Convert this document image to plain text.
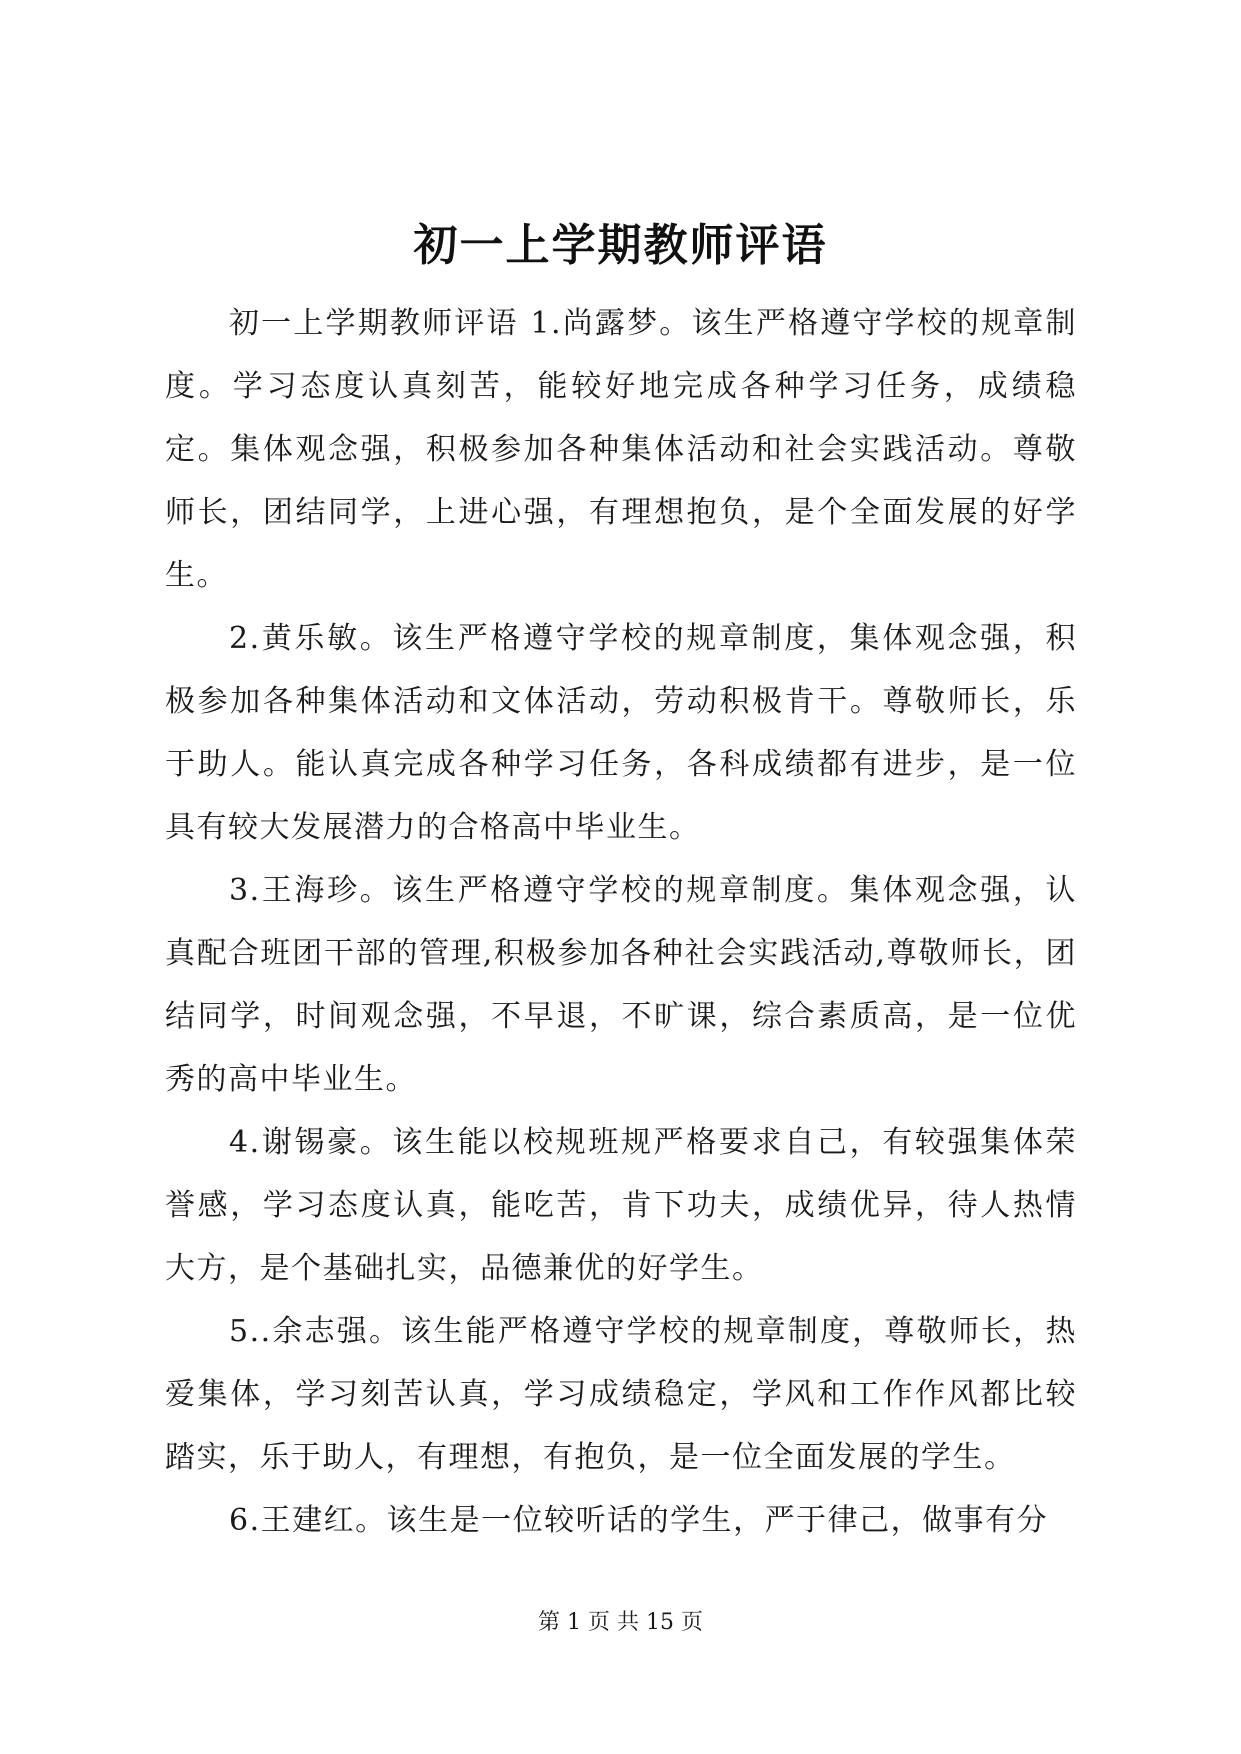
初一上学期教师评语

初一上学期教师评语 1.尚露梦。该生严格遵守学校的规章制度。学习态度认真刻苦，能较好地完成各种学习任务，成绩稳定。集体观念强，积极参加各种集体活动和社会实践活动。尊敬师长，团结同学，上进心强，有理想抱负，是个全面发展的好学生。

2.黄乐敏。该生严格遵守学校的规章制度，集体观念强，积极参加各种集体活动和文体活动，劳动积极肯干。尊敬师长，乐于助人。能认真完成各种学习任务，各科成绩都有进步，是一位具有较大发展潜力的合格高中毕业生。

3.王海珍。该生严格遵守学校的规章制度。集体观念强，认真配合班团干部的管理,积极参加各种社会实践活动,尊敬师长，团结同学，时间观念强，不早退，不旷课，综合素质高，是一位优秀的高中毕业生。

4.谢锡豪。该生能以校规班规严格要求自己，有较强集体荣誉感，学习态度认真，能吃苦，肯下功夫，成绩优异，待人热情大方，是个基础扎实，品德兼优的好学生。

5..余志强。该生能严格遵守学校的规章制度，尊敬师长，热爱集体，学习刻苦认真，学习成绩稳定，学风和工作作风都比较踏实，乐于助人，有理想，有抱负，是一位全面发展的学生。

6.王建红。该生是一位较听话的学生，严于律己，做事有分

第 1 页 共 15 页
